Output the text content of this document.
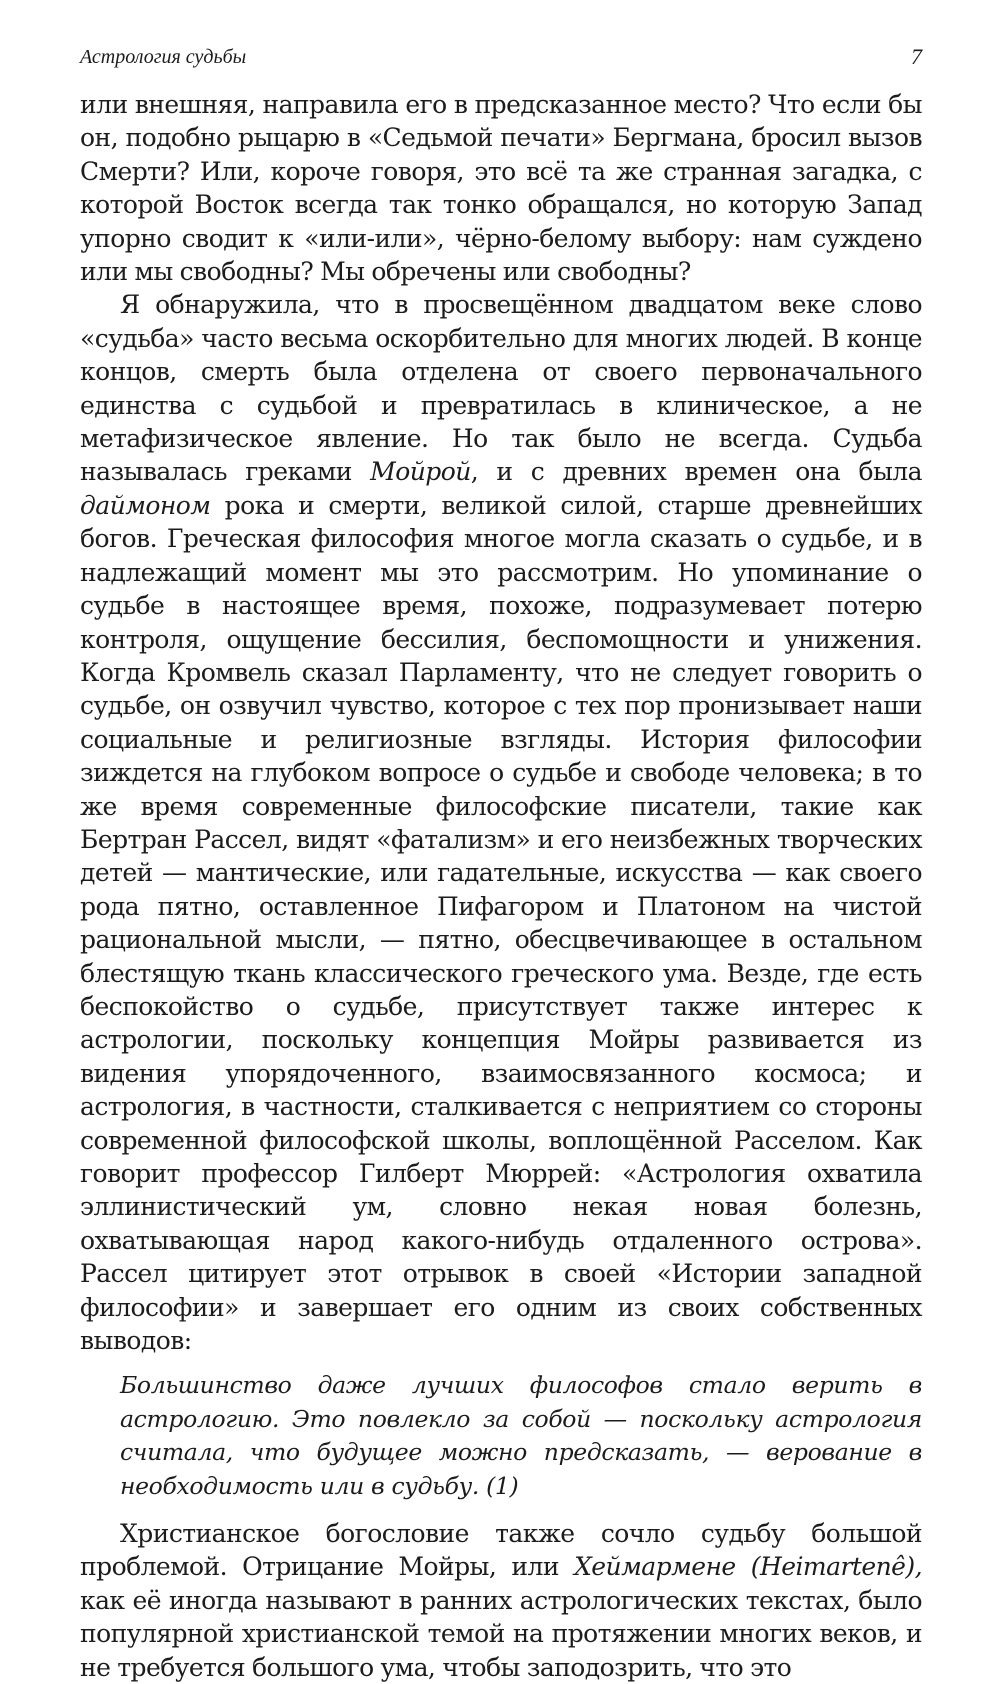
Астрология судьбы	7

или внешняя, направила его в предсказанное место? Что если бы он, подобно рыцарю в «Седьмой печати» Бергмана, бросил вызов Смерти? Или, короче говоря, это всё та же странная загадка, с которой Восток всегда так тонко обращался, но которую Запад упорно сводит к «или-или», чёрно-белому выбору: нам суждено или мы свободны? Мы обречены или свободны?

Я обнаружила, что в просвещённом двадцатом веке слово «судьба» часто весьма оскорбительно для многих людей. В конце концов, смерть была отделена от своего первоначального единства с судьбой и превратилась в клиническое, а не метафизическое явление. Но так было не всегда. Судьба называлась греками Мойрой, и с древних времен она была даймоном рока и смерти, великой силой, старше древнейших богов. Греческая философия многое могла сказать о судьбе, и в надлежащий момент мы это рассмотрим. Но упоминание о судьбе в настоящее время, похоже, подразумевает потерю контроля, ощущение бессилия, беспомощности и унижения. Когда Кромвель сказал Парламенту, что не следует говорить о судьбе, он озвучил чувство, которое с тех пор пронизывает наши социальные и религиозные взгляды. История философии зиждется на глубоком вопросе о судьбе и свободе человека; в то же время современные философские писатели, такие как Бертран Рассел, видят «фатализм» и его неизбежных творческих детей — мантические, или гадательные, искусства — как своего рода пятно, оставленное Пифагором и Платоном на чистой рациональной мысли, — пятно, обесцвечивающее в остальном блестящую ткань классического греческого ума. Везде, где есть беспокойство о судьбе, присутствует также интерес к астрологии, поскольку концепция Мойры развивается из видения упорядоченного, взаимосвязанного космоса; и астрология, в частности, сталкивается с неприятием со стороны современной философской школы, воплощённой Расселом. Как говорит профессор Гилберт Мюррей: «Астрология охватила эллинистический ум, словно некая новая болезнь, охватывающая народ какого-нибудь отдаленного острова». Рассел цитирует этот отрывок в своей «Истории западной философии» и завершает его одним из своих собственных выводов:

Большинство даже лучших философов стало верить в астрологию. Это повлекло за собой — поскольку астрология считала, что будущее можно предсказать, — верование в необходимость или в судьбу. (1)

Христианское богословие также сочло судьбу большой проблемой. Отрицание Мойры, или Хеймармене (Heimartenê), как её иногда называют в ранних астрологических текстах, было популярной христианской темой на протяжении многих веков, и не требуется большого ума, чтобы заподозрить, что это
